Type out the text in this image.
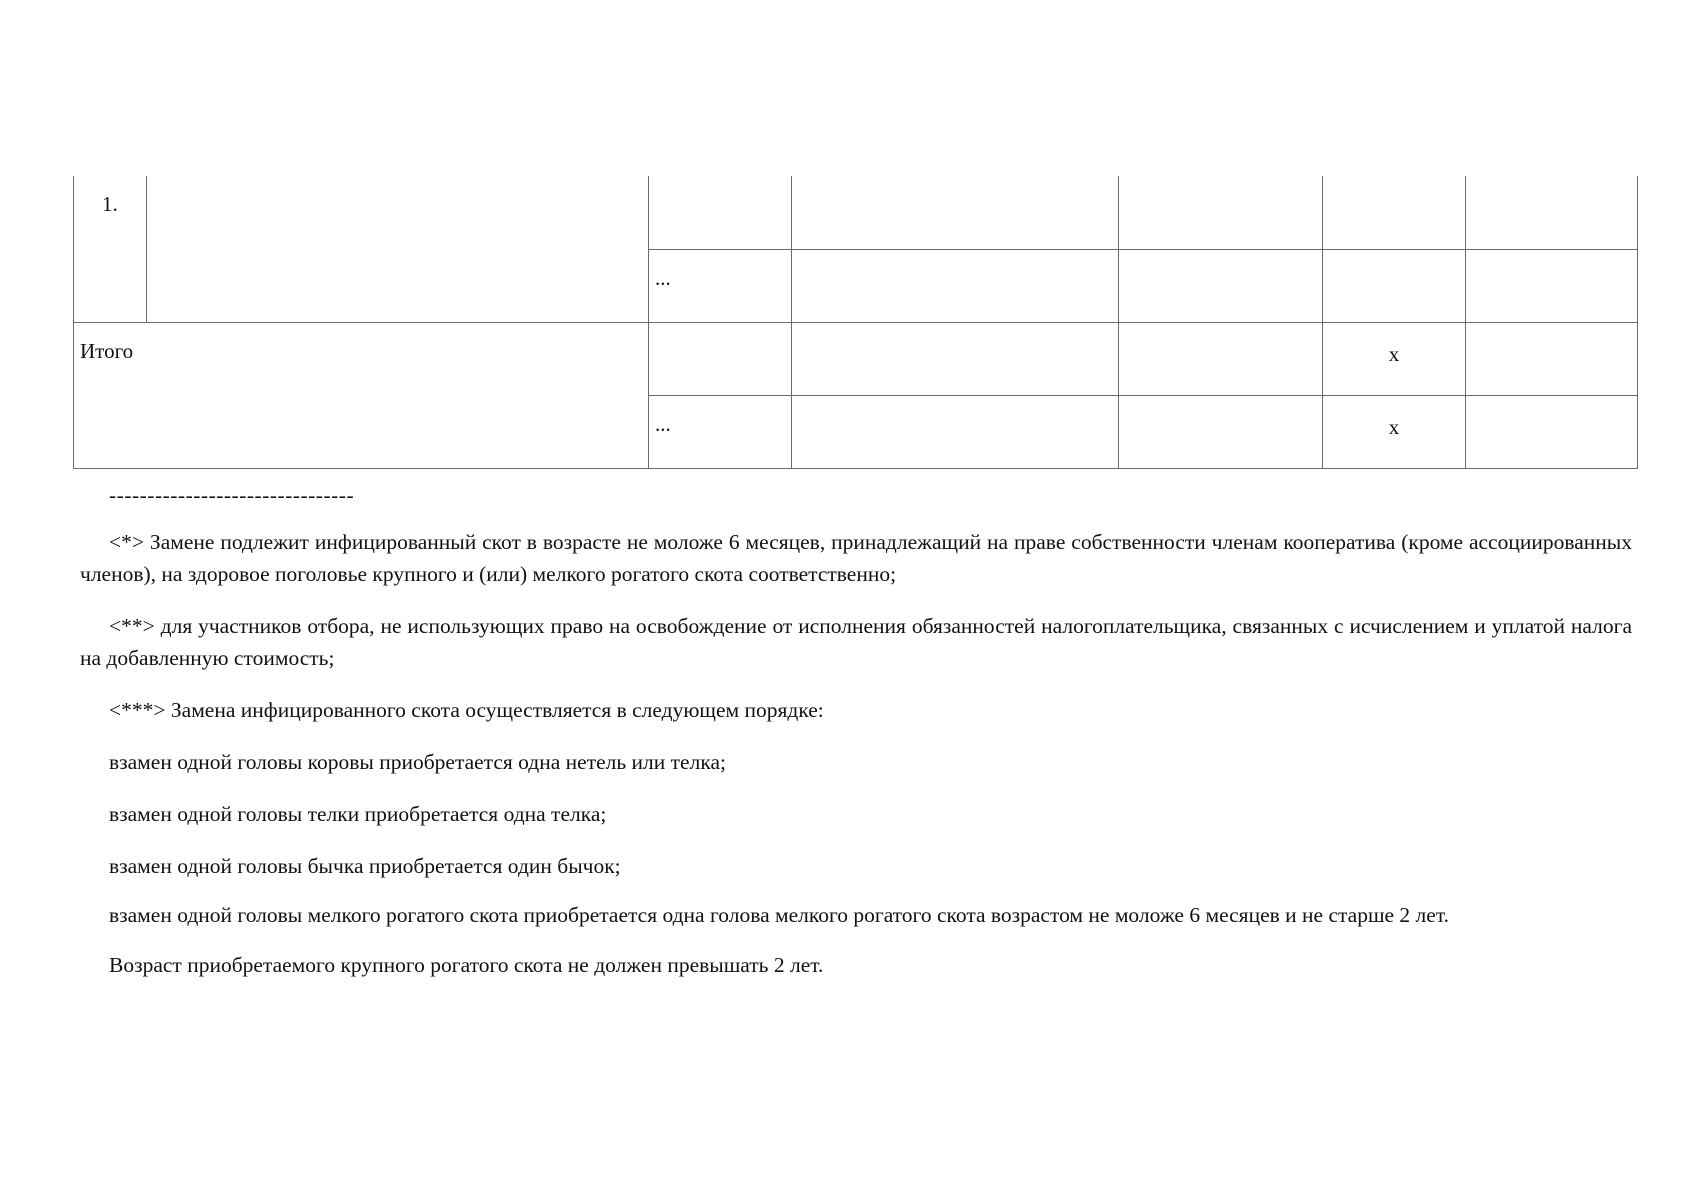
1.						

		...				

Итого					x	

		...			x	

--------------------------------

<*> Замене подлежит инфицированный скот в возрасте не моложе 6 месяцев, принадлежащий на праве собственности членам кооператива (кроме ассоциированных членов), на здоровое поголовье крупного и (или) мелкого рогатого скота соответственно;

<**> для участников отбора, не использующих право на освобождение от исполнения обязанностей налогоплательщика, связанных с исчислением и уплатой налога на добавленную стоимость;

<***> Замена инфицированного скота осуществляется в следующем порядке:

взамен одной головы коровы приобретается одна нетель или телка;

взамен одной головы телки приобретается одна телка;

взамен одной головы бычка приобретается один бычок;

взамен одной головы мелкого рогатого скота приобретается одна голова мелкого рогатого скота возрастом не моложе 6 месяцев и не старше 2 лет.

Возраст приобретаемого крупного рогатого скота не должен превышать 2 лет.
